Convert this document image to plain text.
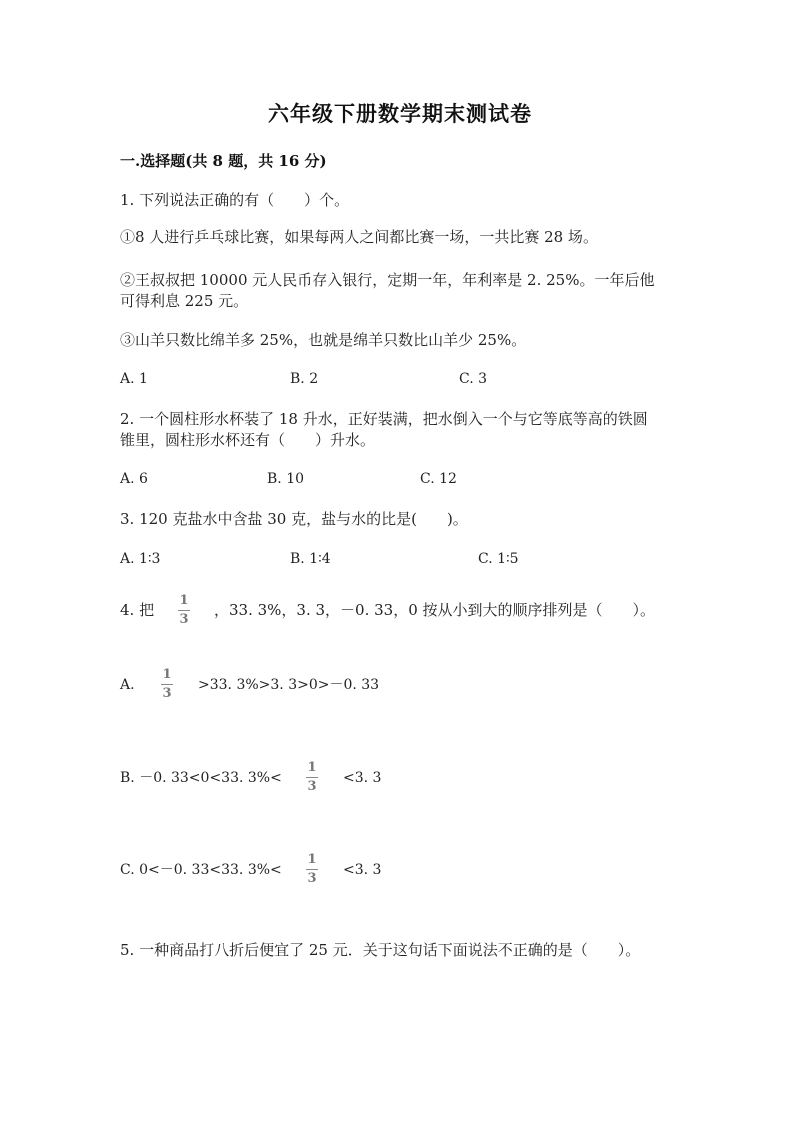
六年级下册数学期末测试卷
一.选择题(共 8 题，共 16 分)
1. 下列说法正确的有（　　）个。
①8 人进行乒乓球比赛，如果每两人之间都比赛一场，一共比赛 28 场。
②王叔叔把 10000 元人民币存入银行，定期一年，年利率是 2. 25%。一年后他
可得利息 225 元。
③山羊只数比绵羊多 25%，也就是绵羊只数比山羊少 25%。
A. 1	B. 2	C. 3
2. 一个圆柱形水杯装了 18 升水，正好装满，把水倒入一个与它等底等高的铁圆
锥里，圆柱形水杯还有（　　）升水。
A. 6	B. 10	C. 12
3. 120 克盐水中含盐 30 克，盐与水的比是(　　)。
A. 1∶3	B. 1∶4	C. 1∶5
4. 把
1
3
，33. 3%，3. 3，－0. 33，0 按从小到大的顺序排列是（　　）。
A.
1
3
>33. 3%>3. 3>0>－0. 33
B. －0. 33<0<33. 3%<
1
3
<3. 3
C. 0<－0. 33<33. 3%<
1
3
<3. 3
5. 一种商品打八折后便宜了 25 元．关于这句话下面说法不正确的是（　　）。
